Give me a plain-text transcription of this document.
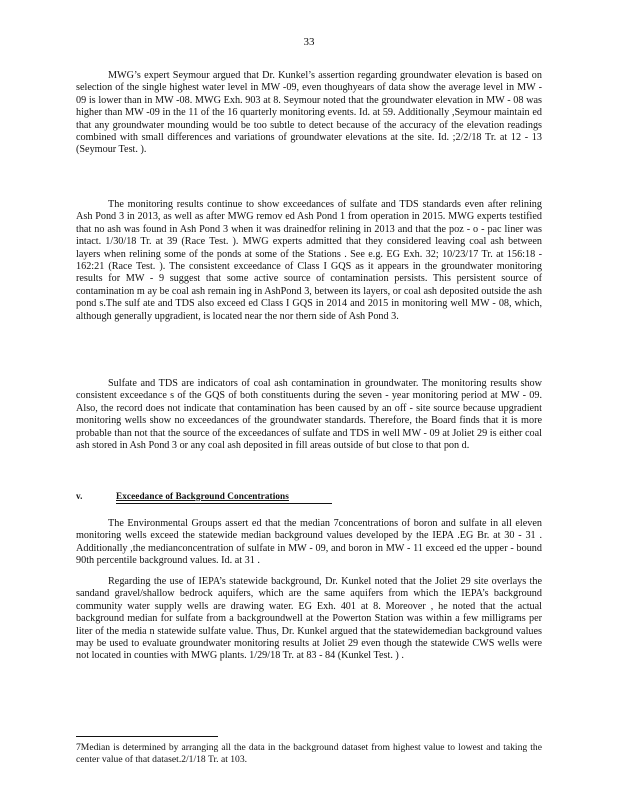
33

MWG’s expert Seymour argued that Dr. Kunkel’s assertion regarding groundwater elevation is based on selection of the single highest water level in MW -09, even thoughyears of data show the average level in MW - 09 is lower than in MW -08. MWG Exh. 903 at 8. Seymour noted that the groundwater elevation in MW - 08 was higher than MW -09 in the 11 of the 16 quarterly monitoring events. Id. at 59. Additionally ,Seymour maintain ed that any groundwater mounding would be too subtle to detect because of the accuracy of the elevation readings combined with small differences and variations of groundwater elevations at the site. Id. ;2/2/18 Tr. at 12 - 13 (Seymour Test. ).

The monitoring results continue to show exceedances of sulfate and TDS standards even after relining Ash Pond 3 in 2013, as well as after MWG remov ed Ash Pond 1 from operation in 2015. MWG experts testified that no ash was found in Ash Pond 3 when it was drainedfor relining in 2013 and that the poz - o - pac liner was intact. 1/30/18 Tr. at 39 (Race Test. ). MWG experts admitted that they considered leaving coal ash between layers when relining some of the ponds at some of the Stations . See e.g. EG Exh. 32; 10/23/17 Tr. at 156:18 - 162:21 (Race Test. ). The consistent exceedance of Class I GQS as it appears in the groundwater monitoring results for MW - 9 suggest that some active source of contamination persists. This persistent source of contamination m ay be coal ash remain ing in AshPond 3, between its layers, or coal ash deposited outside the ash pond s.The sulf ate and TDS also exceed ed Class I GQS in 2014 and 2015 in monitoring well MW - 08, which, although generally upgradient, is located near the nor thern side of Ash Pond 3.

Sulfate and TDS are indicators of coal ash contamination in groundwater. The monitoring results show consistent exceedance s of the GQS of both constituents during the seven - year monitoring period at MW - 09. Also, the record does not indicate that contamination has been caused by an off - site source because upgradient monitoring wells show no exceedances of the groundwater standards. Therefore, the Board finds that it is more probable than not that the source of the exceedances of sulfate and TDS in well MW - 09 at Joliet 29 is either coal ash stored in Ash Pond 3 or any coal ash deposited in fill areas outside of but close to that pon d.

v.	Exceedance of Background Concentrations

The Environmental Groups assert ed that the median 7concentrations of boron and sulfate in all eleven monitoring wells exceed the statewide median background values developed by the IEPA .EG Br. at 30 - 31 . Additionally ,the medianconcentration of sulfate in MW - 09, and boron in MW - 11 exceed ed the upper - bound 90th percentile background values. Id. at 31 .

Regarding the use of IEPA’s statewide background, Dr. Kunkel noted that the Joliet 29 site overlays the sandand gravel/shallow bedrock aquifers, which are the same aquifers from which the IEPA’s background community water supply wells are drawing water. EG Exh. 401 at 8. Moreover , he noted that the actual background median for sulfate from a backgroundwell at the Powerton Station was within a few milligrams per liter of the media n statewide sulfate value. Thus, Dr. Kunkel argued that the statewidemedian background values may be used to evaluate groundwater monitoring results at Joliet 29 even though the statewide CWS wells were not located in counties with MWG plants. 1/29/18 Tr. at 83 - 84 (Kunkel Test. ) .

7Median is determined by arranging all the data in the background dataset from highest value to lowest and taking the center value of that dataset.2/1/18 Tr. at 103.
